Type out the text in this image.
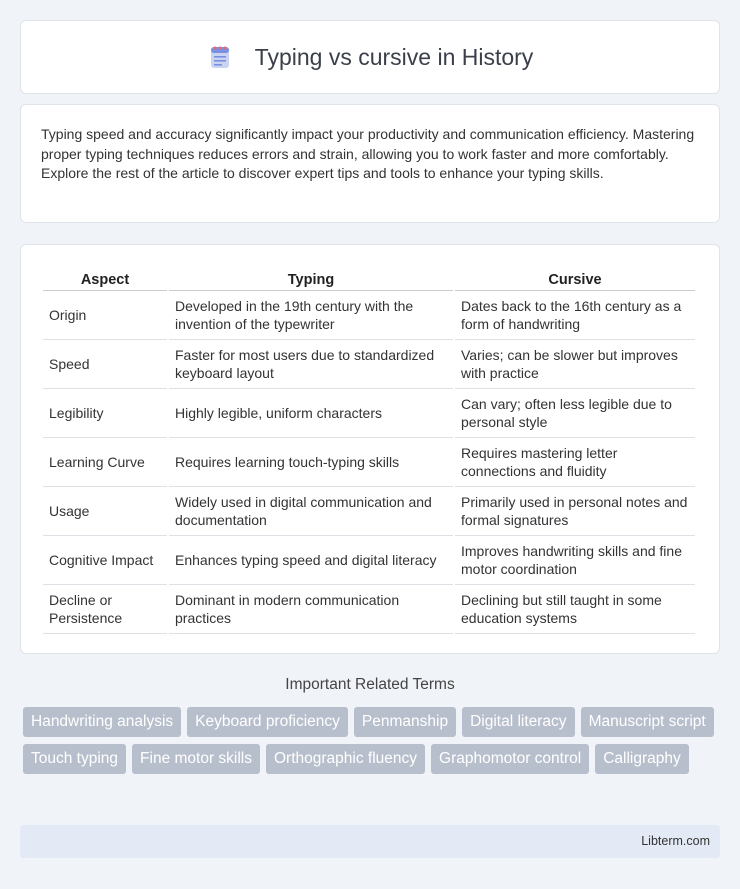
Typing vs cursive in History

Typing speed and accuracy significantly impact your productivity and communication efficiency. Mastering proper typing techniques reduces errors and strain, allowing you to work faster and more comfortably. Explore the rest of the article to discover expert tips and tools to enhance your typing skills.

Aspect	Typing	Cursive
Origin	Developed in the 19th century with the invention of the typewriter	Dates back to the 16th century as a form of handwriting
Speed	Faster for most users due to standardized keyboard layout	Varies; can be slower but improves with practice
Legibility	Highly legible, uniform characters	Can vary; often less legible due to personal style
Learning Curve	Requires learning touch-typing skills	Requires mastering letter connections and fluidity
Usage	Widely used in digital communication and documentation	Primarily used in personal notes and formal signatures
Cognitive Impact	Enhances typing speed and digital literacy	Improves handwriting skills and fine motor coordination
Decline or Persistence	Dominant in modern communication practices	Declining but still taught in some education systems
Important Related Terms
Handwriting analysis	Keyboard proficiency	Penmanship	Digital literacy	Manuscript script
Touch typing	Fine motor skills	Orthographic fluency	Graphomotor control	Calligraphy
Libterm.com
